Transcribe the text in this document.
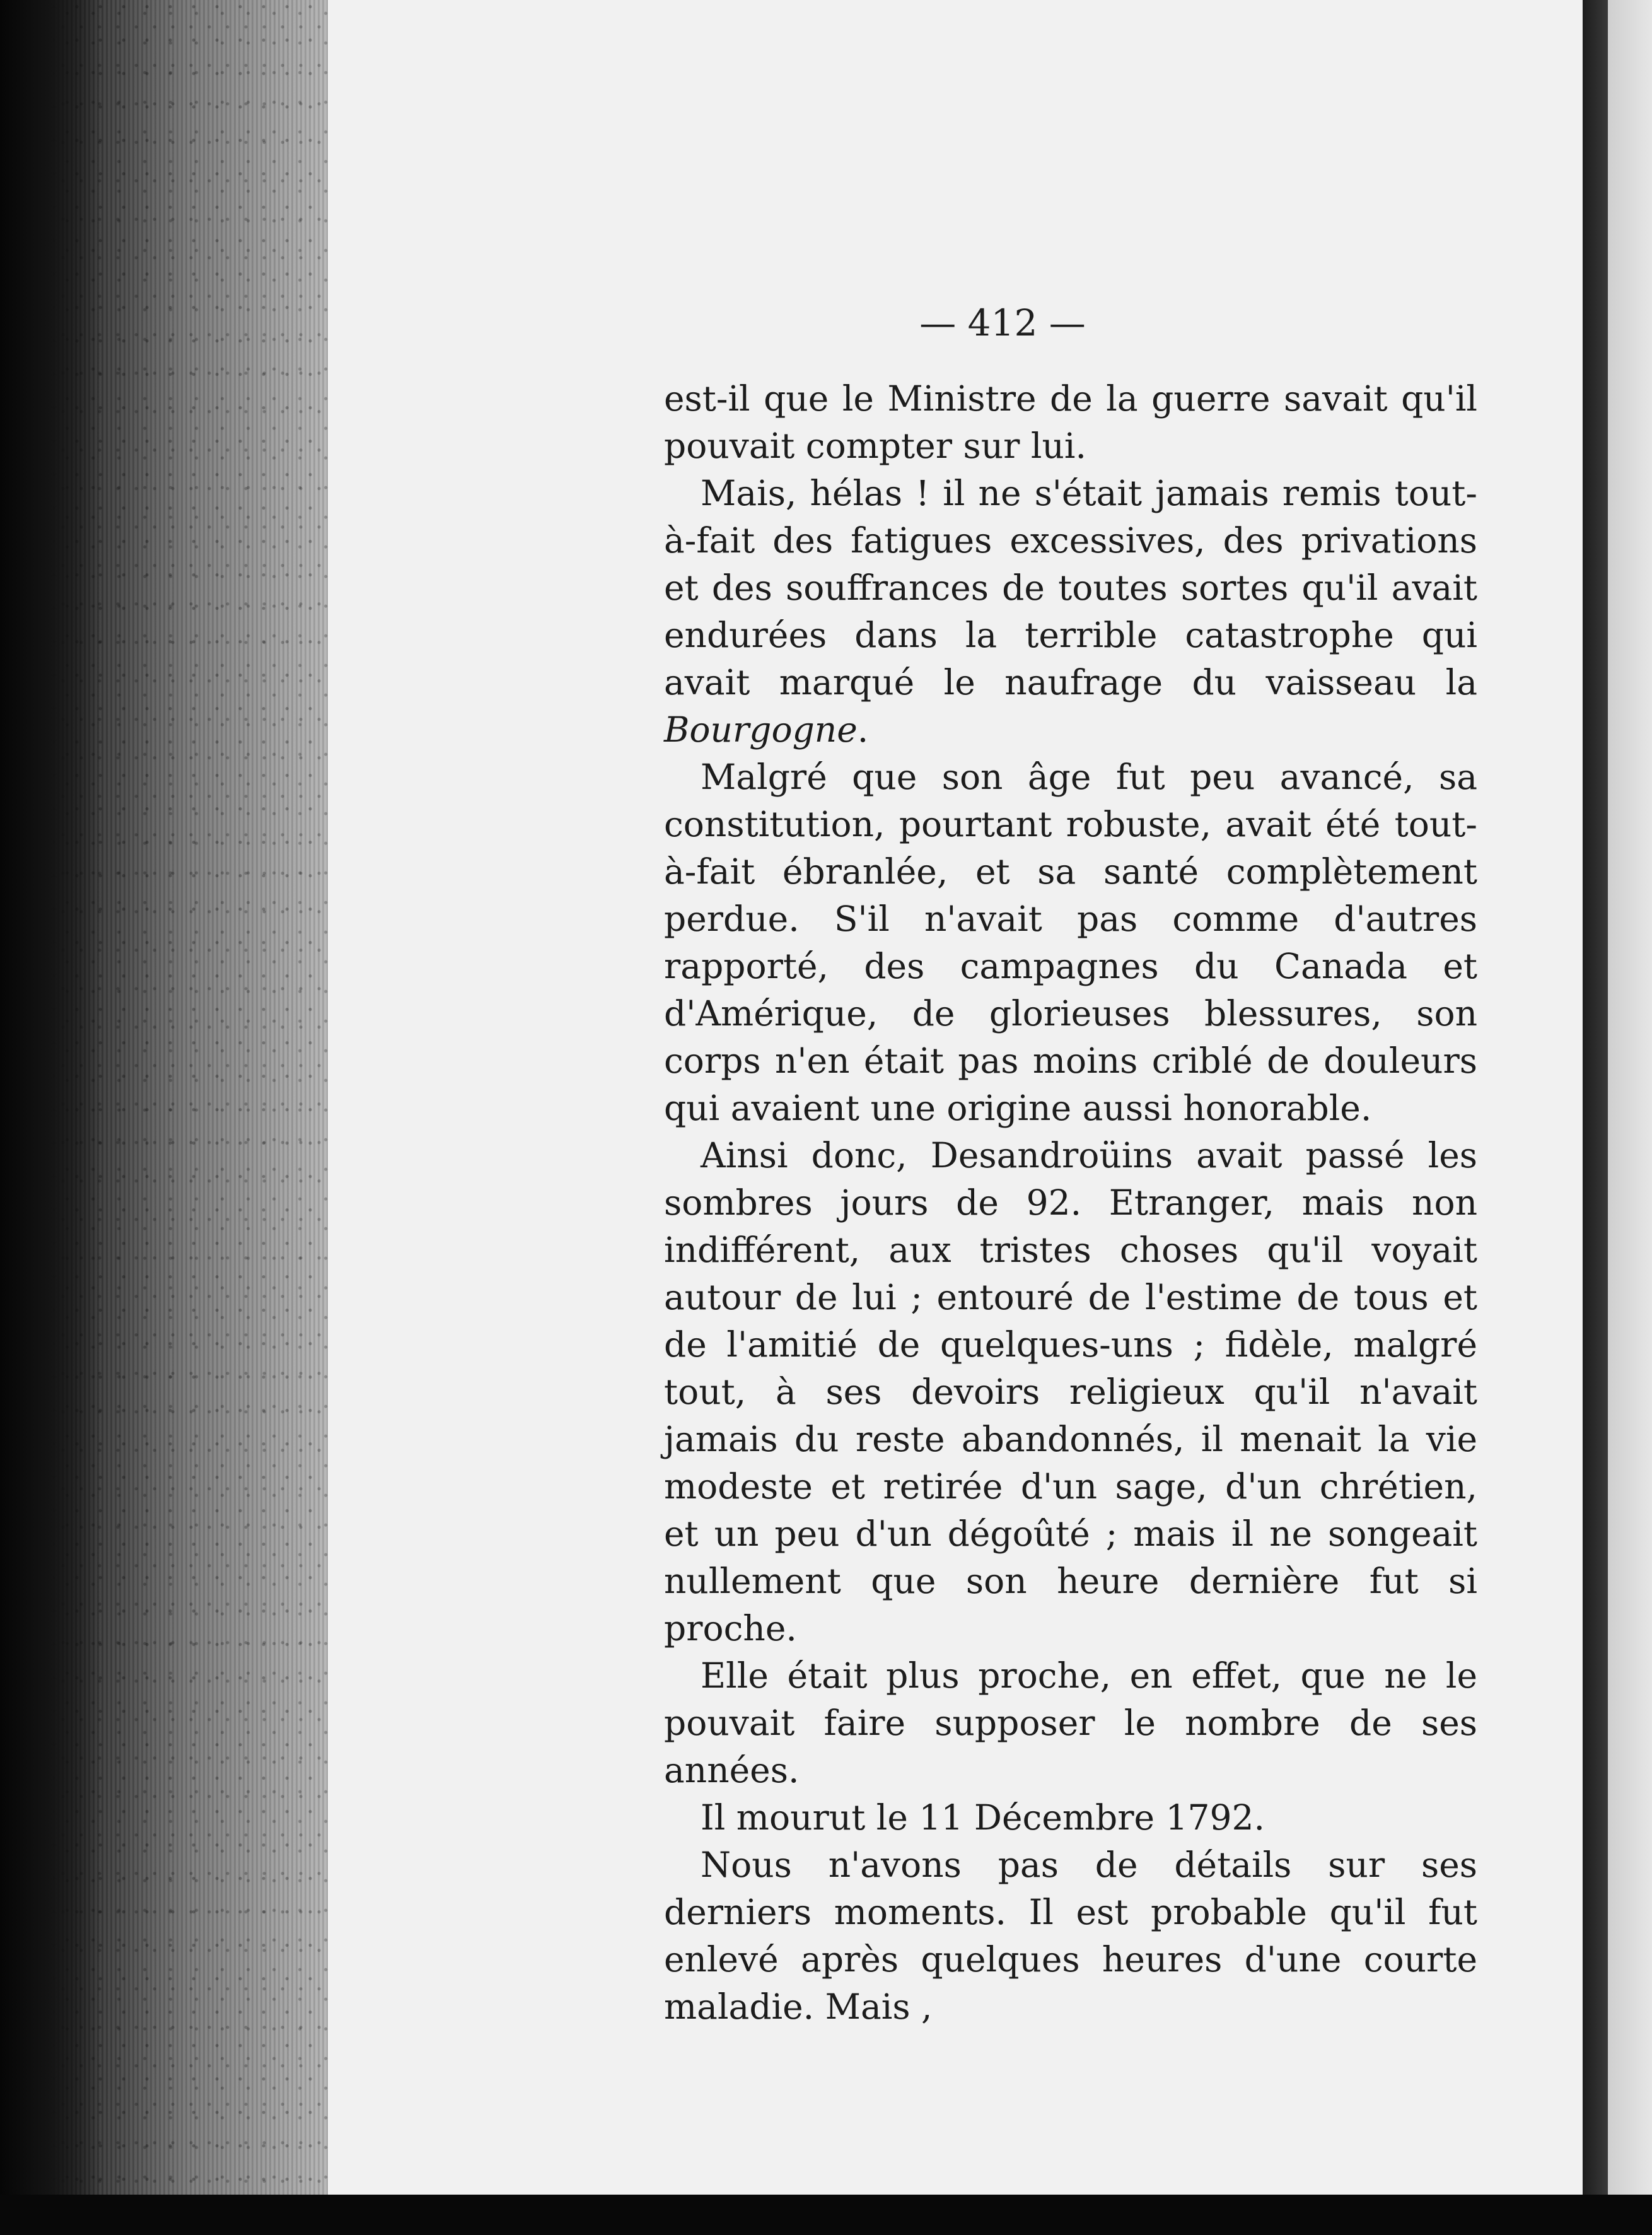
— 412 —

est-il que le Ministre de la guerre savait qu'il pouvait compter sur lui.

Mais, hélas ! il ne s'était jamais remis tout-à-fait des fatigues excessives, des privations et des souffrances de toutes sortes qu'il avait endurées dans la terrible catastrophe qui avait marqué le naufrage du vaisseau la Bourgogne.

Malgré que son âge fut peu avancé, sa constitution, pourtant robuste, avait été tout-à-fait ébranlée, et sa santé complètement perdue. S'il n'avait pas comme d'autres rapporté, des campagnes du Canada et d'Amérique, de glorieuses blessures, son corps n'en était pas moins criblé de douleurs qui avaient une origine aussi honorable.

Ainsi donc, Desandroüins avait passé les sombres jours de 92. Etranger, mais non indifférent, aux tristes choses qu'il voyait autour de lui ; entouré de l'estime de tous et de l'amitié de quelques-uns ; fidèle, malgré tout, à ses devoirs religieux qu'il n'avait jamais du reste abandonnés, il menait la vie modeste et retirée d'un sage, d'un chrétien, et un peu d'un dégoûté ; mais il ne songeait nullement que son heure dernière fut si proche.

Elle était plus proche, en effet, que ne le pouvait faire supposer le nombre de ses années.

Il mourut le 11 Décembre 1792.

Nous n'avons pas de détails sur ses derniers moments. Il est probable qu'il fut enlevé après quelques heures d'une courte maladie. Mais ,
